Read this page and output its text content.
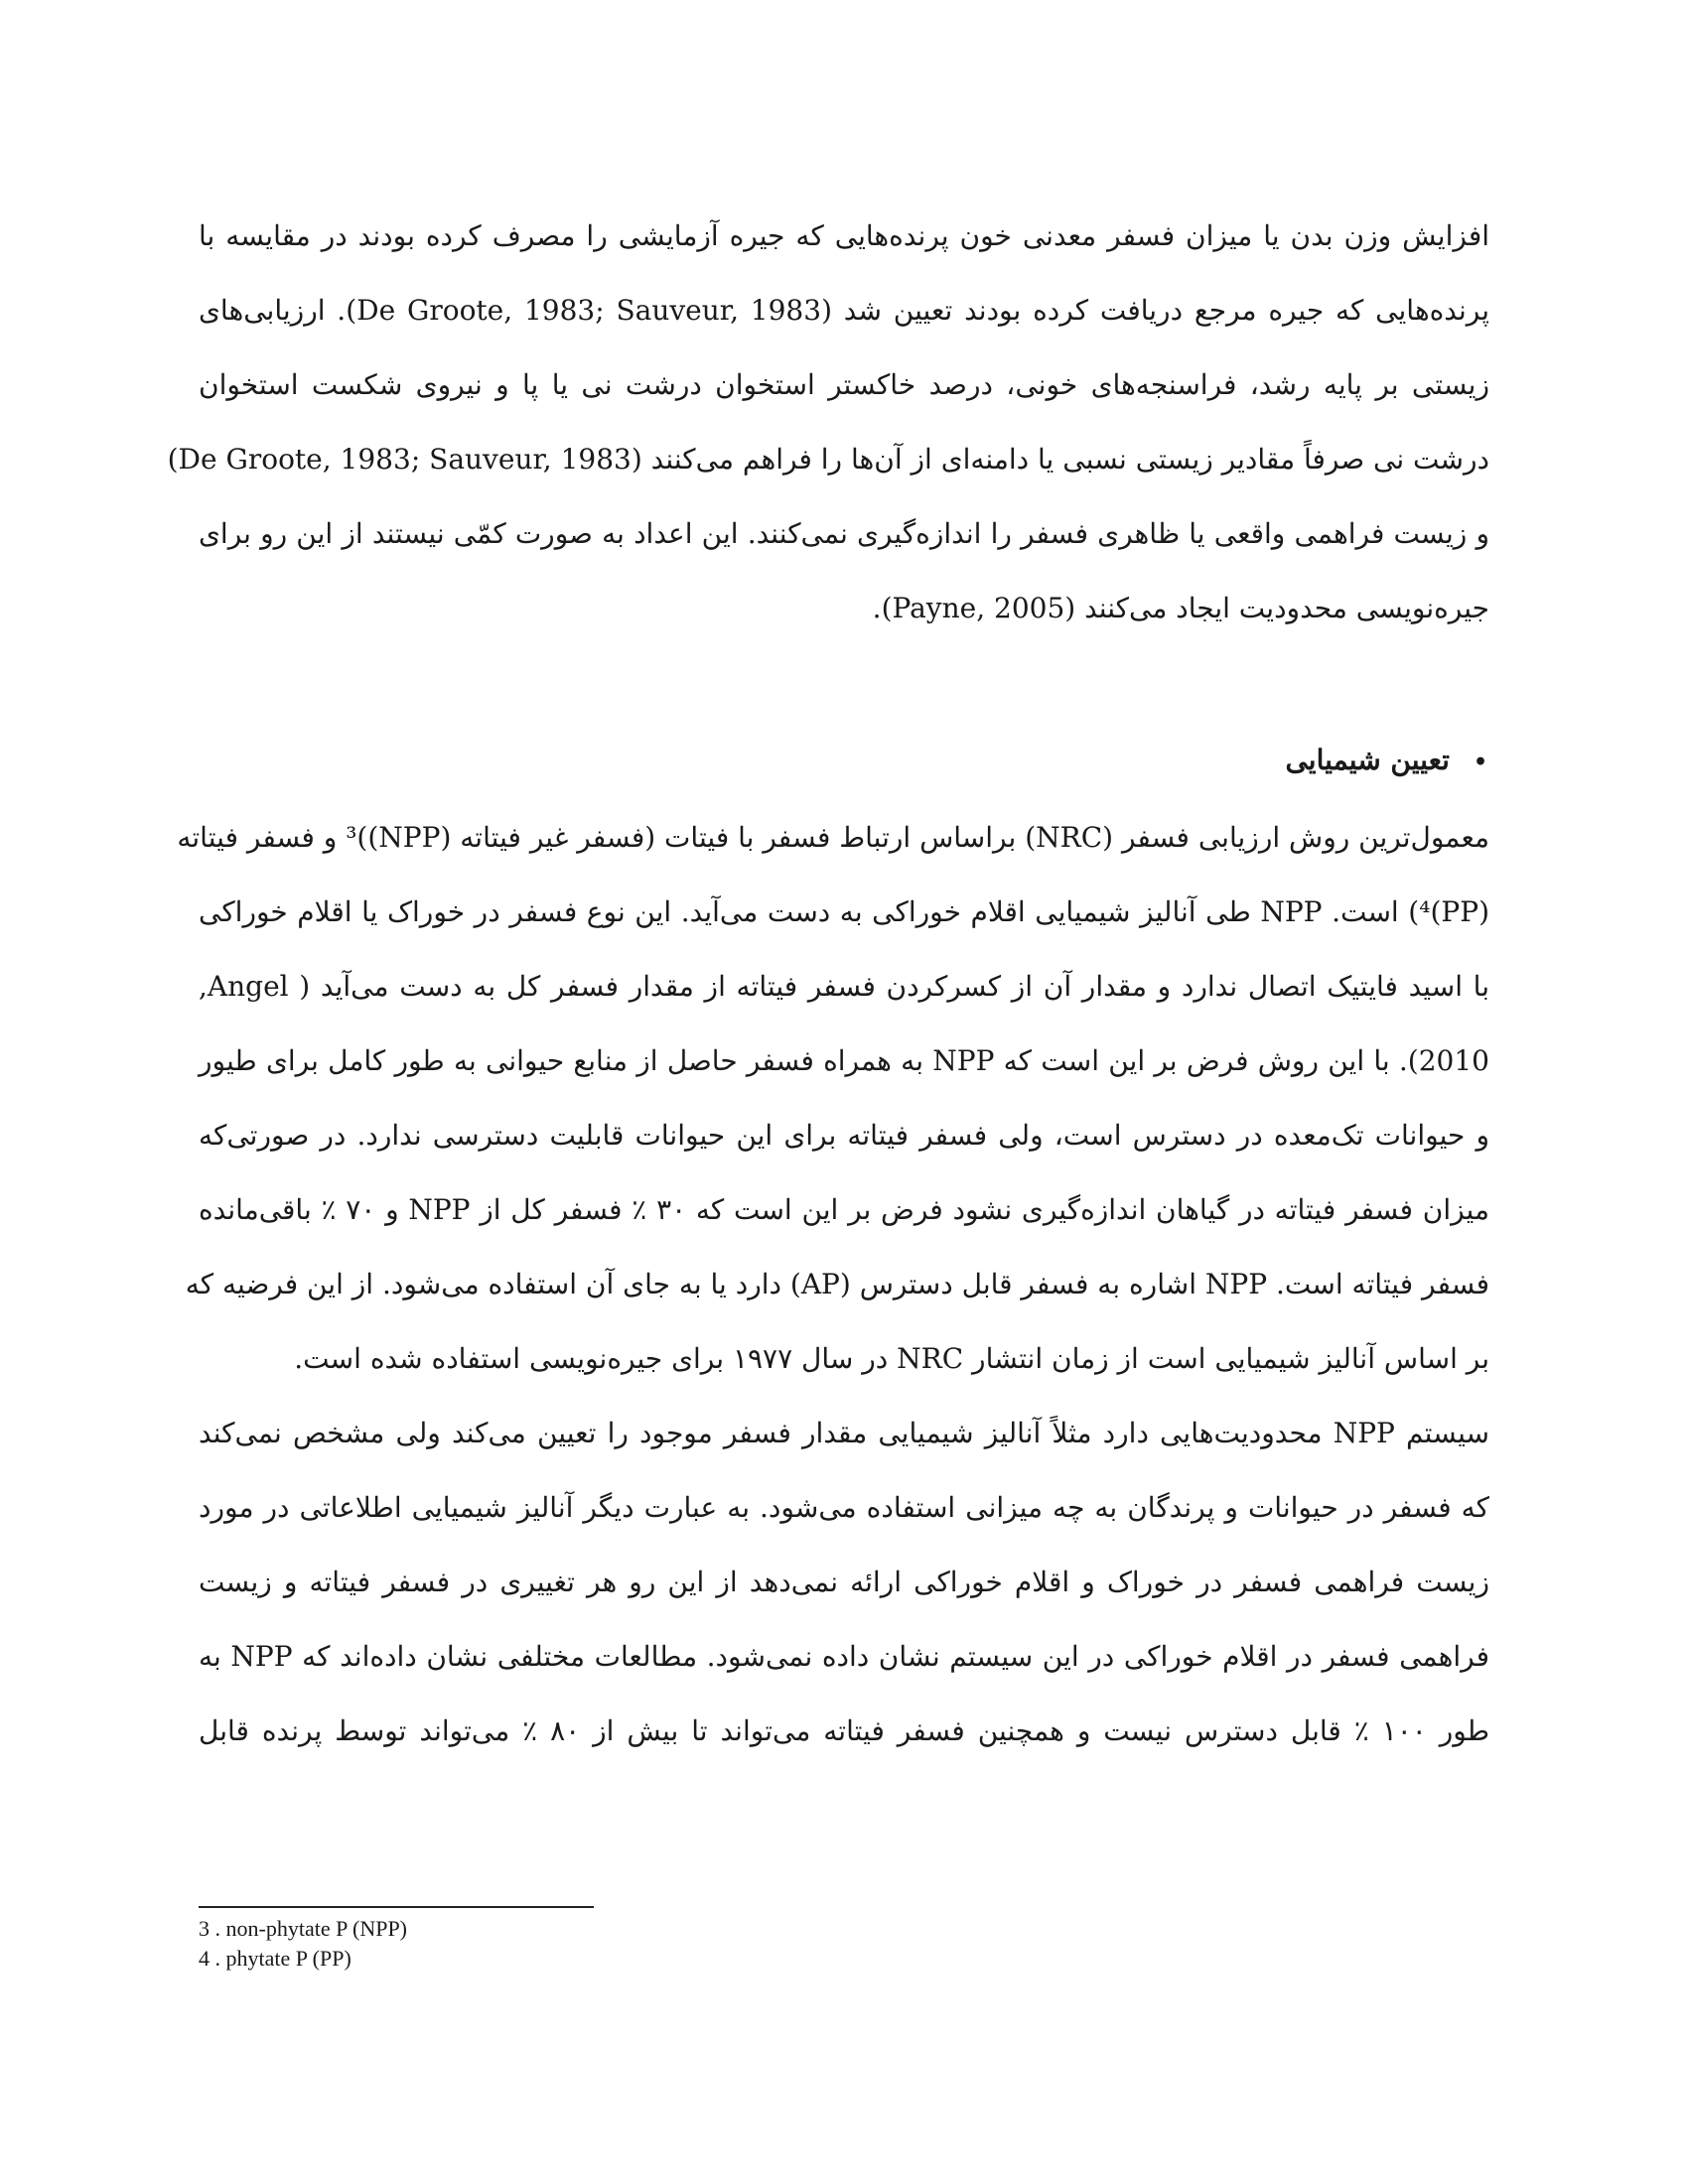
افزایش وزن بدن یا میزان فسفر معدنی خون پرنده‌هایی که جیره آزمایشی را مصرف کرده بودند در مقایسه با
پرنده‌هایی که جیره مرجع دریافت کرده بودند تعیین شد (De Groote, 1983; Sauveur, 1983). ارزیابی‌های
زیستی بر پایه رشد، فراسنجه‌های خونی، درصد خاکستر استخوان درشت نی یا پا و نیروی شکست استخوان
درشت نی صرفاً مقادیر زیستی نسبی یا دامنه‌ای از آن‌ها را فراهم می‌کنند (De Groote, 1983; Sauveur, 1983)
و زیست فراهمی واقعی یا ظاهری فسفر را اندازه‌گیری نمی‌کنند. این اعداد به صورت کمّی نیستند از این رو برای
جیره‌نویسی محدودیت ایجاد می‌کنند (Payne, 2005).

•تعیین شیمیایی

معمول‌ترین روش ارزیابی فسفر (NRC) براساس ارتباط فسفر با فیتات (فسفر غیر فیتاته (NPP))³ و فسفر فیتاته
(PP)⁴) است. NPP طی آنالیز شیمیایی اقلام خوراکی به دست می‌آید. این نوع فسفر در خوراک یا اقلام خوراکی
با اسید فایتیک اتصال ندارد و مقدار آن از کسرکردن فسفر فیتاته از مقدار فسفر کل به دست می‌آید ( Angel,
2010). با این روش فرض بر این است که NPP به همراه فسفر حاصل از منابع حیوانی به طور کامل برای طیور
و حیوانات تک‌معده در دسترس است، ولی فسفر فیتاته برای این حیوانات قابلیت دسترسی ندارد. در صورتی‌که
میزان فسفر فیتاته در گیاهان اندازه‌گیری نشود فرض بر این است که ۳۰ ٪ فسفر کل از NPP و ۷۰ ٪ باقی‌مانده
فسفر فیتاته است. NPP اشاره به فسفر قابل دسترس (AP) دارد یا به جای آن استفاده می‌شود. از این فرضیه که
بر اساس آنالیز شیمیایی است از زمان انتشار NRC در سال ۱۹۷۷ برای جیره‌نویسی استفاده شده است.

سیستم NPP محدودیت‌هایی دارد مثلاً آنالیز شیمیایی مقدار فسفر موجود را تعیین می‌کند ولی مشخص نمی‌کند
که فسفر در حیوانات و پرندگان به چه میزانی استفاده می‌شود. به عبارت دیگر آنالیز شیمیایی اطلاعاتی در مورد
زیست فراهمی فسفر در خوراک و اقلام خوراکی ارائه نمی‌دهد از این رو هر تغییری در فسفر فیتاته و زیست
فراهمی فسفر در اقلام خوراکی در این سیستم نشان داده نمی‌شود. مطالعات مختلفی نشان داده‌اند که NPP به
طور ۱۰۰ ٪ قابل دسترس نیست و همچنین فسفر فیتاته می‌تواند تا بیش از ۸۰ ٪ می‌تواند توسط پرنده قابل

3 . non-phytate P (NPP)
4 . phytate P (PP)
